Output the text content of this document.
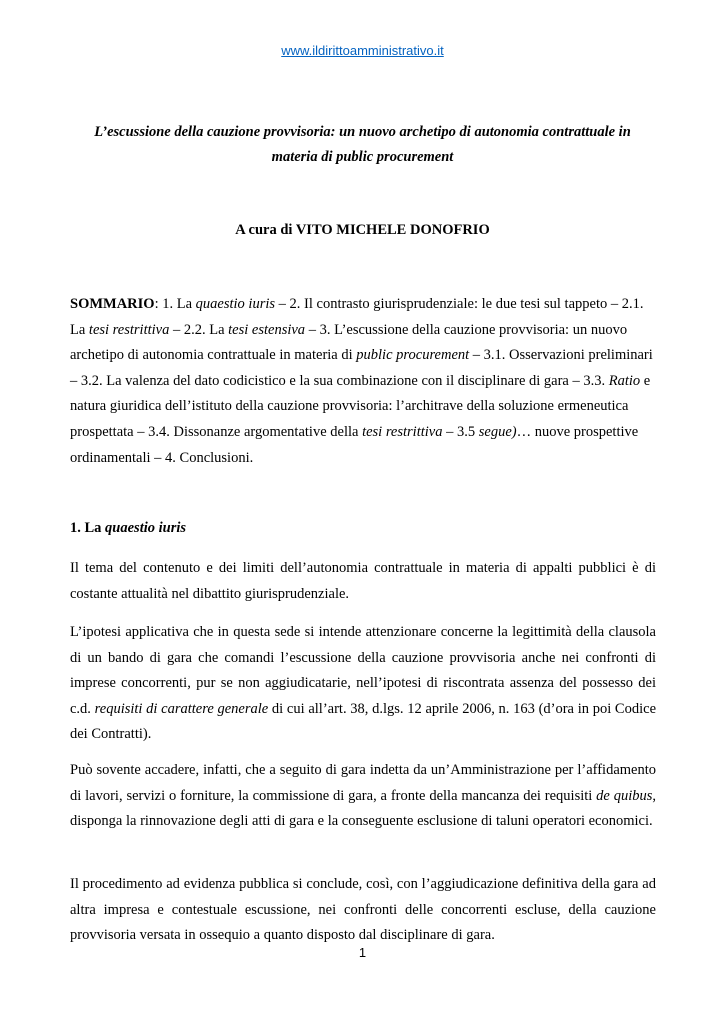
www.ildirittoamministrativo.it
L’escussione della cauzione provvisoria: un nuovo archetipo di autonomia contrattuale in materia di public procurement
A cura di VITO MICHELE DONOFRIO

SOMMARIO: 1. La quaestio iuris – 2. Il contrasto giurisprudenziale: le due tesi sul tappeto – 2.1. La tesi restrittiva – 2.2. La tesi estensiva – 3. L’escussione della cauzione provvisoria: un nuovo archetipo di autonomia contrattuale in materia di public procurement – 3.1. Osservazioni preliminari – 3.2. La valenza del dato codicistico e la sua combinazione con il disciplinare di gara – 3.3. Ratio e natura giuridica dell’istituto della cauzione provvisoria: l’architrave della soluzione ermeneutica prospettata – 3.4. Dissonanze argomentative della tesi restrittiva – 3.5 segue)… nuove prospettive ordinamentali – 4. Conclusioni.

1. La quaestio iuris

Il tema del contenuto e dei limiti dell’autonomia contrattuale in materia di appalti pubblici è di costante attualità nel dibattito giurisprudenziale.

L’ipotesi applicativa che in questa sede si intende attenzionare concerne la legittimità della clausola di un bando di gara che comandi l’escussione della cauzione provvisoria anche nei confronti di imprese concorrenti, pur se non aggiudicatarie, nell’ipotesi di riscontrata assenza del possesso dei c.d. requisiti di carattere generale di cui all’art. 38, d.lgs. 12 aprile 2006, n. 163 (d’ora in poi Codice dei Contratti).

Può sovente accadere, infatti, che a seguito di gara indetta da un’Amministrazione per l’affidamento di lavori, servizi o forniture, la commissione di gara, a fronte della mancanza dei requisiti de quibus, disponga la rinnovazione degli atti di gara e la conseguente esclusione di taluni operatori economici.

Il procedimento ad evidenza pubblica si conclude, così, con l’aggiudicazione definitiva della gara ad altra impresa e contestuale escussione, nei confronti delle concorrenti escluse, della cauzione provvisoria versata in ossequio a quanto disposto dal disciplinare di gara.

1
